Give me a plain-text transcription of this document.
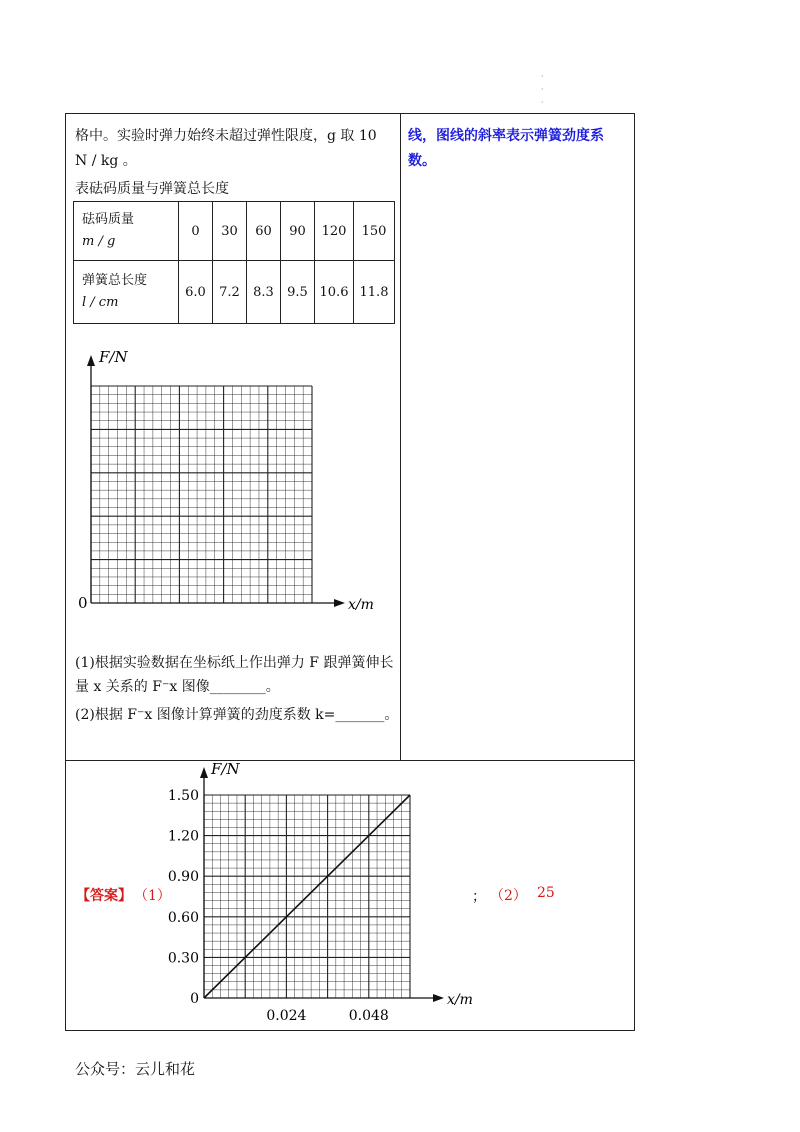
·
·
·
格中。实验时弹力始终未超过弹性限度，g 取 10
N / kg 。
表砝码质量与弹簧总长度
砝码质量
m / g	0	30	60	90	120	150

弹簧总长度
l / cm	6.0	7.2	8.3	9.5	10.6	11.8
F/N
x/m
0
(1)根据实验数据在坐标纸上作出弹力 F 跟弹簧伸长
量 x 关系的 F⁻x 图像________。
(2)根据 F⁻x 图像计算弹簧的劲度系数 k=_______。
线，图线的斜率表示弹簧劲度系
数。
【答案】 （1）	； （2） 25
F/N
x/m
0
0.30
0.60
0.90
1.20
1.50
0.024	0.048
公众号：云儿和花
